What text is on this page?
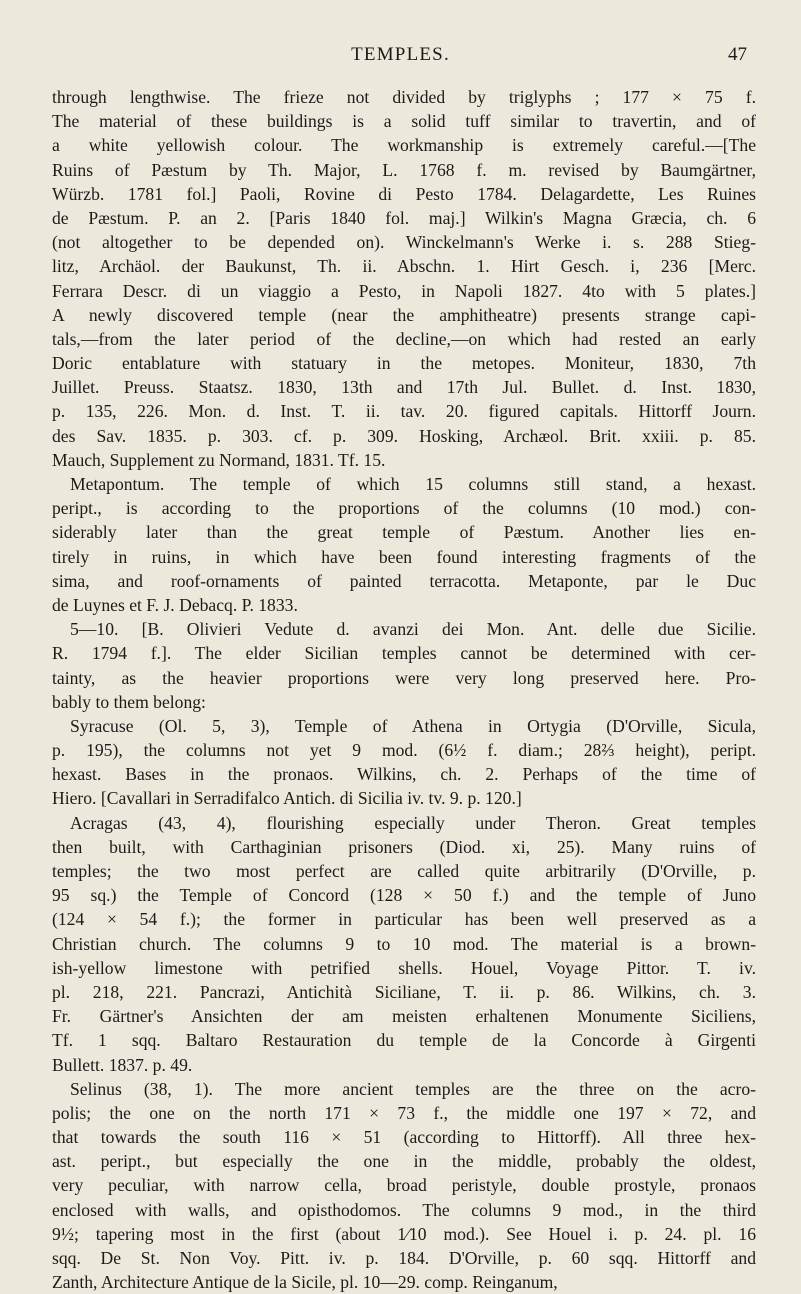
TEMPLES.	47
through lengthwise. The frieze not divided by triglyphs ; 177 × 75 f.
The material of these buildings is a solid tuff similar to travertin, and of
a white yellowish colour. The workmanship is extremely careful.—[The
Ruins of Pæstum by Th. Major, L. 1768 f. m. revised by Baumgärtner,
Würzb. 1781 fol.] Paoli, Rovine di Pesto 1784. Delagardette, Les Ruines
de Pæstum. P. an 2. [Paris 1840 fol. maj.] Wilkin's Magna Græcia, ch. 6
(not altogether to be depended on). Winckelmann's Werke i. s. 288 Stieg-
litz, Archäol. der Baukunst, Th. ii. Abschn. 1. Hirt Gesch. i, 236 [Merc.
Ferrara Descr. di un viaggio a Pesto, in Napoli 1827. 4to with 5 plates.]
A newly discovered temple (near the amphitheatre) presents strange capi-
tals,—from the later period of the decline,—on which had rested an early
Doric entablature with statuary in the metopes. Moniteur, 1830, 7th
Juillet. Preuss. Staatsz. 1830, 13th and 17th Jul. Bullet. d. Inst. 1830,
p. 135, 226. Mon. d. Inst. T. ii. tav. 20. figured capitals. Hittorff Journ.
des Sav. 1835. p. 303. cf. p. 309. Hosking, Archæol. Brit. xxiii. p. 85.
Mauch, Supplement zu Normand, 1831. Tf. 15.
Metapontum. The temple of which 15 columns still stand, a hexast.
peript., is according to the proportions of the columns (10 mod.) con-
siderably later than the great temple of Pæstum. Another lies en-
tirely in ruins, in which have been found interesting fragments of the
sima, and roof-ornaments of painted terracotta. Metaponte, par le Duc
de Luynes et F. J. Debacq. P. 1833.
5—10. [B. Olivieri Vedute d. avanzi dei Mon. Ant. delle due Sicilie.
R. 1794 f.]. The elder Sicilian temples cannot be determined with cer-
tainty, as the heavier proportions were very long preserved here. Pro-
bably to them belong:
Syracuse (Ol. 5, 3), Temple of Athena in Ortygia (D'Orville, Sicula,
p. 195), the columns not yet 9 mod. (6½ f. diam.; 28⅔ height), peript.
hexast. Bases in the pronaos. Wilkins, ch. 2. Perhaps of the time of
Hiero. [Cavallari in Serradifalco Antich. di Sicilia iv. tv. 9. p. 120.]
Acragas (43, 4), flourishing especially under Theron. Great temples
then built, with Carthaginian prisoners (Diod. xi, 25). Many ruins of
temples; the two most perfect are called quite arbitrarily (D'Orville, p.
95 sq.) the Temple of Concord (128 × 50 f.) and the temple of Juno
(124 × 54 f.); the former in particular has been well preserved as a
Christian church. The columns 9 to 10 mod. The material is a brown-
ish-yellow limestone with petrified shells. Houel, Voyage Pittor. T. iv.
pl. 218, 221. Pancrazi, Antichità Siciliane, T. ii. p. 86. Wilkins, ch. 3.
Fr. Gärtner's Ansichten der am meisten erhaltenen Monumente Siciliens,
Tf. 1 sqq. Baltaro Restauration du temple de la Concorde à Girgenti
Bullett. 1837. p. 49.
Selinus (38, 1). The more ancient temples are the three on the acro-
polis; the one on the north 171 × 73 f., the middle one 197 × 72, and
that towards the south 116 × 51 (according to Hittorff). All three hex-
ast. peript., but especially the one in the middle, probably the oldest,
very peculiar, with narrow cella, broad peristyle, double prostyle, pronaos
enclosed with walls, and opisthodomos. The columns 9 mod., in the third
9½; tapering most in the first (about 1⁄10 mod.). See Houel i. p. 24. pl. 16
sqq. De St. Non Voy. Pitt. iv. p. 184. D'Orville, p. 60 sqq. Hittorff and
Zanth, Architecture Antique de la Sicile, pl. 10—29. comp. Reinganum,
